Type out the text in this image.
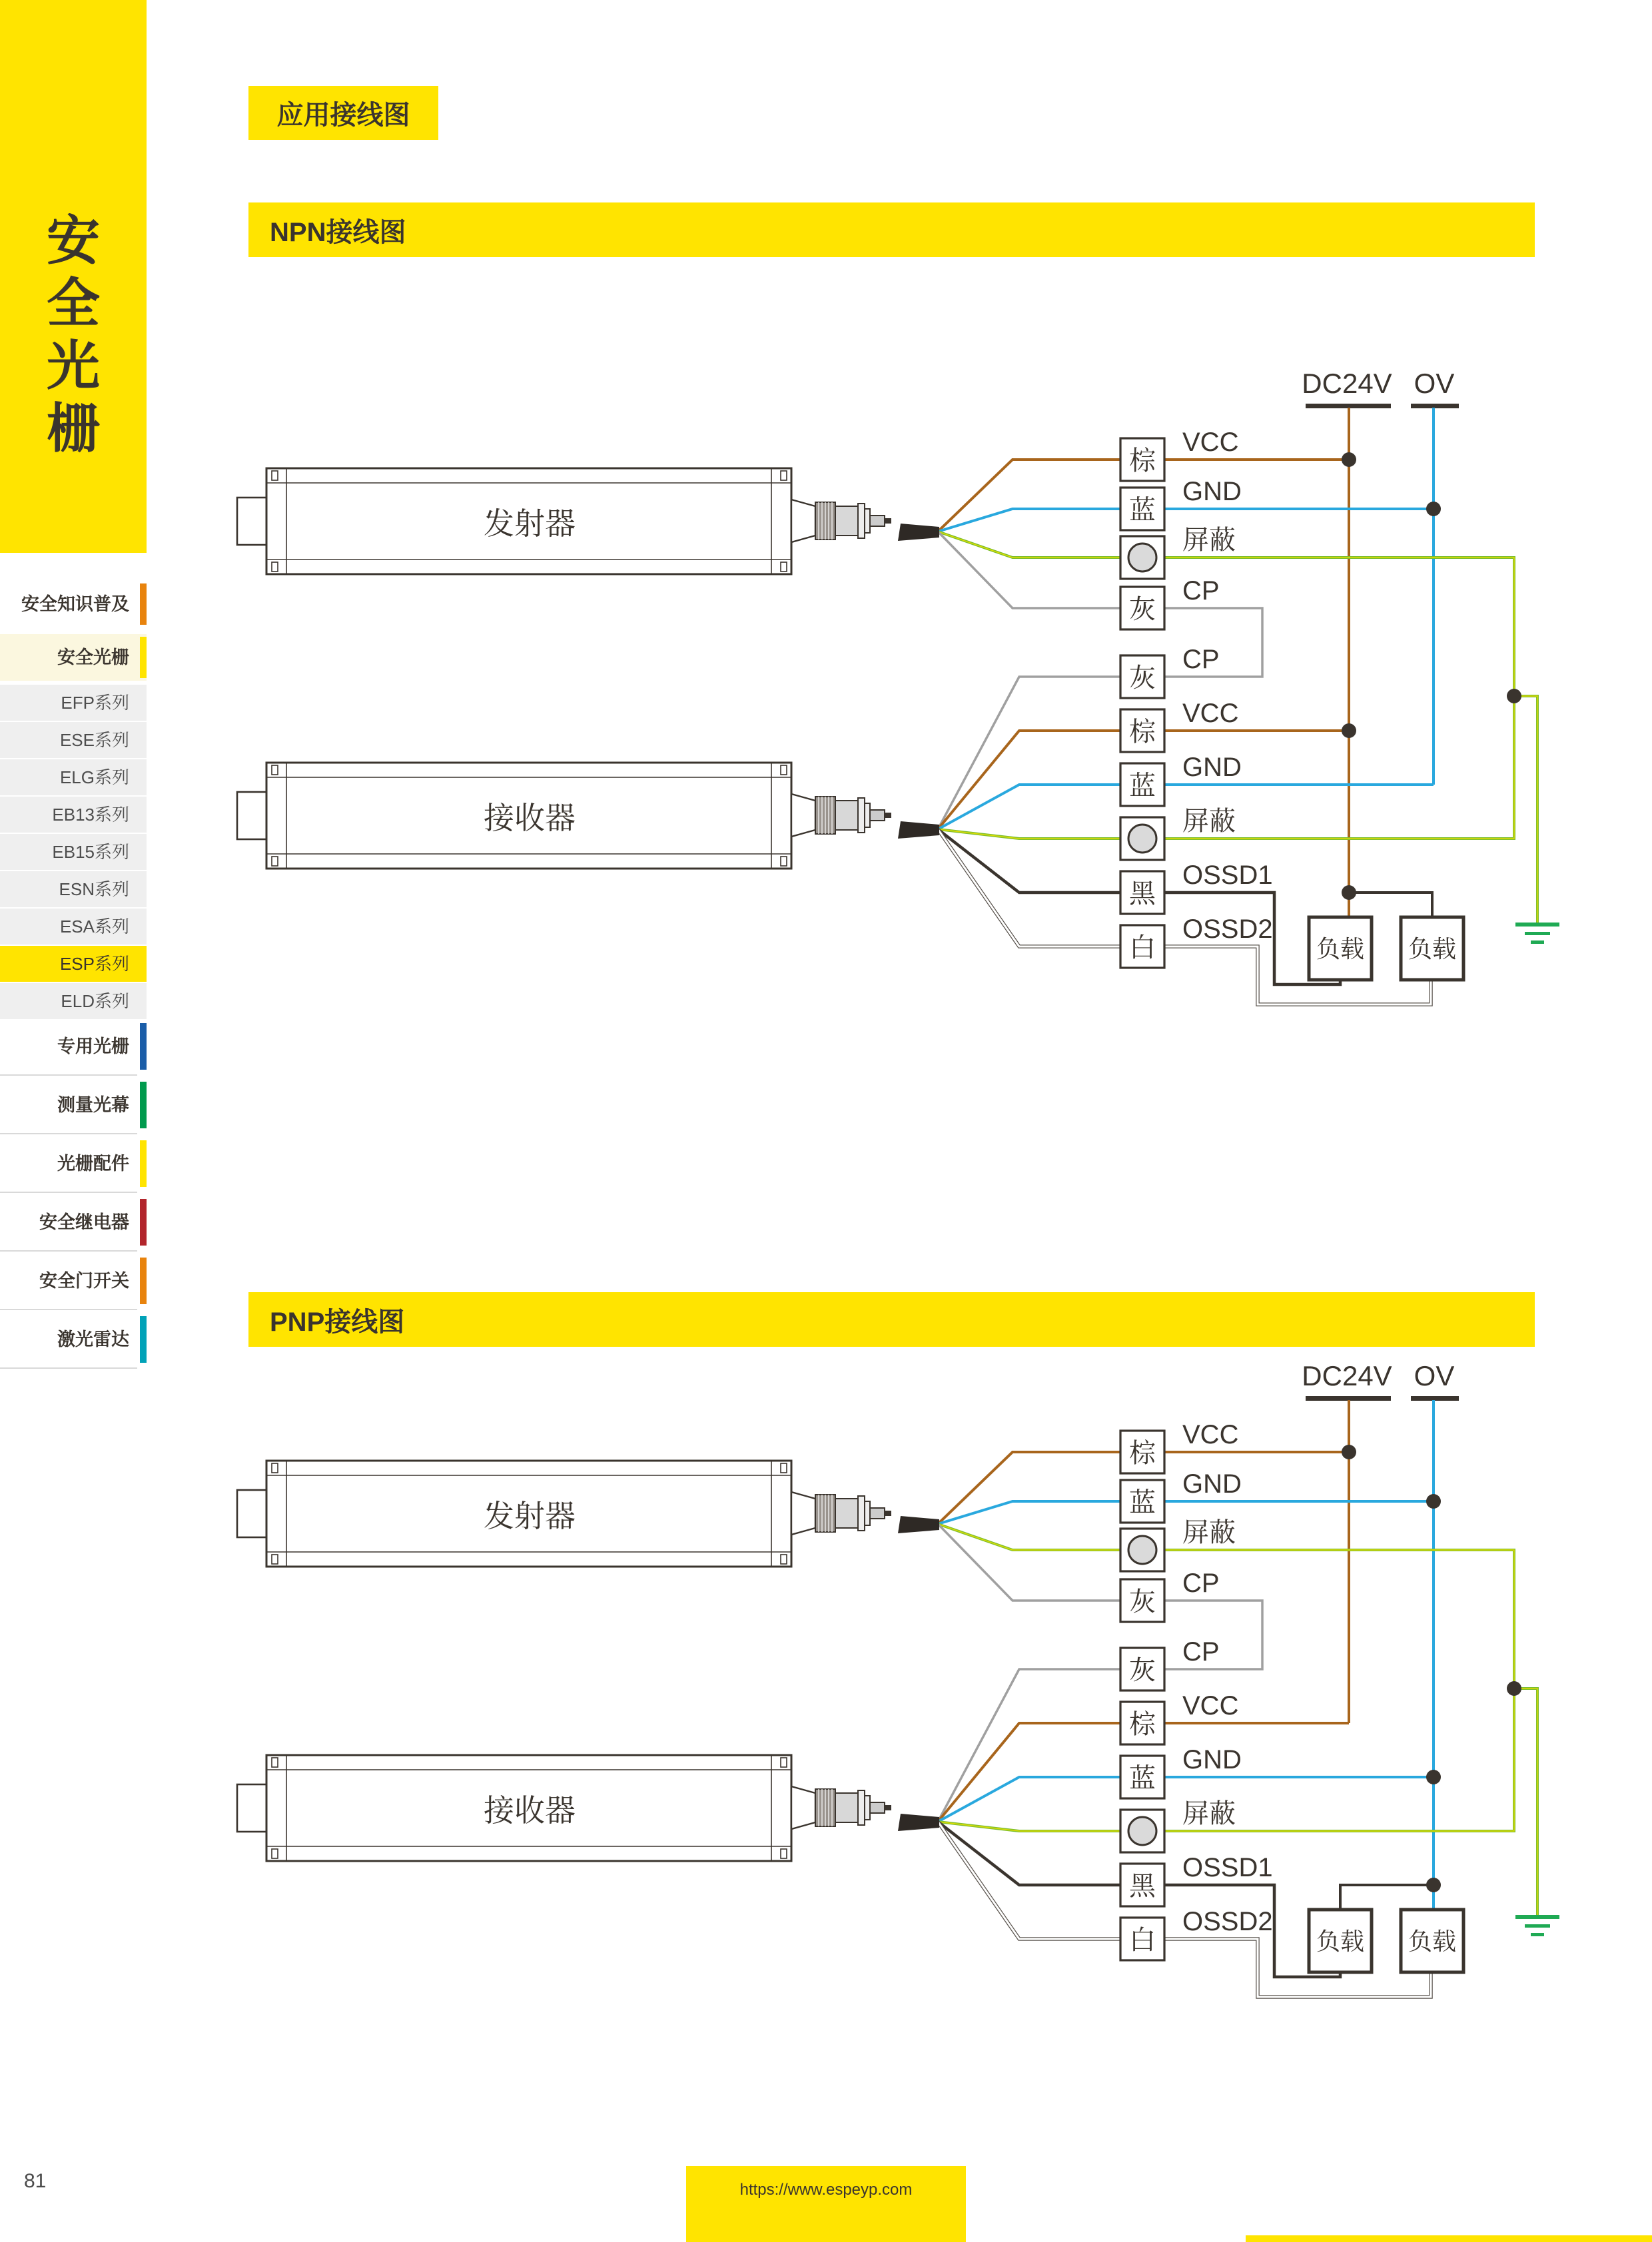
安
全
光
栅
安全知识普及
安全光栅
EFP系列
ESE系列
ELG系列
EB13系列
EB15系列
ESN系列
ESA系列
ESP系列
ELD系列
专用光栅
测量光幕
光栅配件
安全继电器
安全门开关
激光雷达
应用接线图
NPN接线图
PNP接线图
DC24V OV
发射器
接收器
棕
VCC
蓝
GND
屏蔽
灰
CP
灰
CP
棕
VCC
蓝
GND
屏蔽
黑
OSSD1
白
OSSD2
负载 负载
DC24V OV
发射器
接收器
棕
VCC
蓝
GND
屏蔽
灰
CP
灰
CP
棕
VCC
蓝
GND
屏蔽
黑
OSSD1
白
OSSD2
负载 负载
81	https://www.espeyp.com
